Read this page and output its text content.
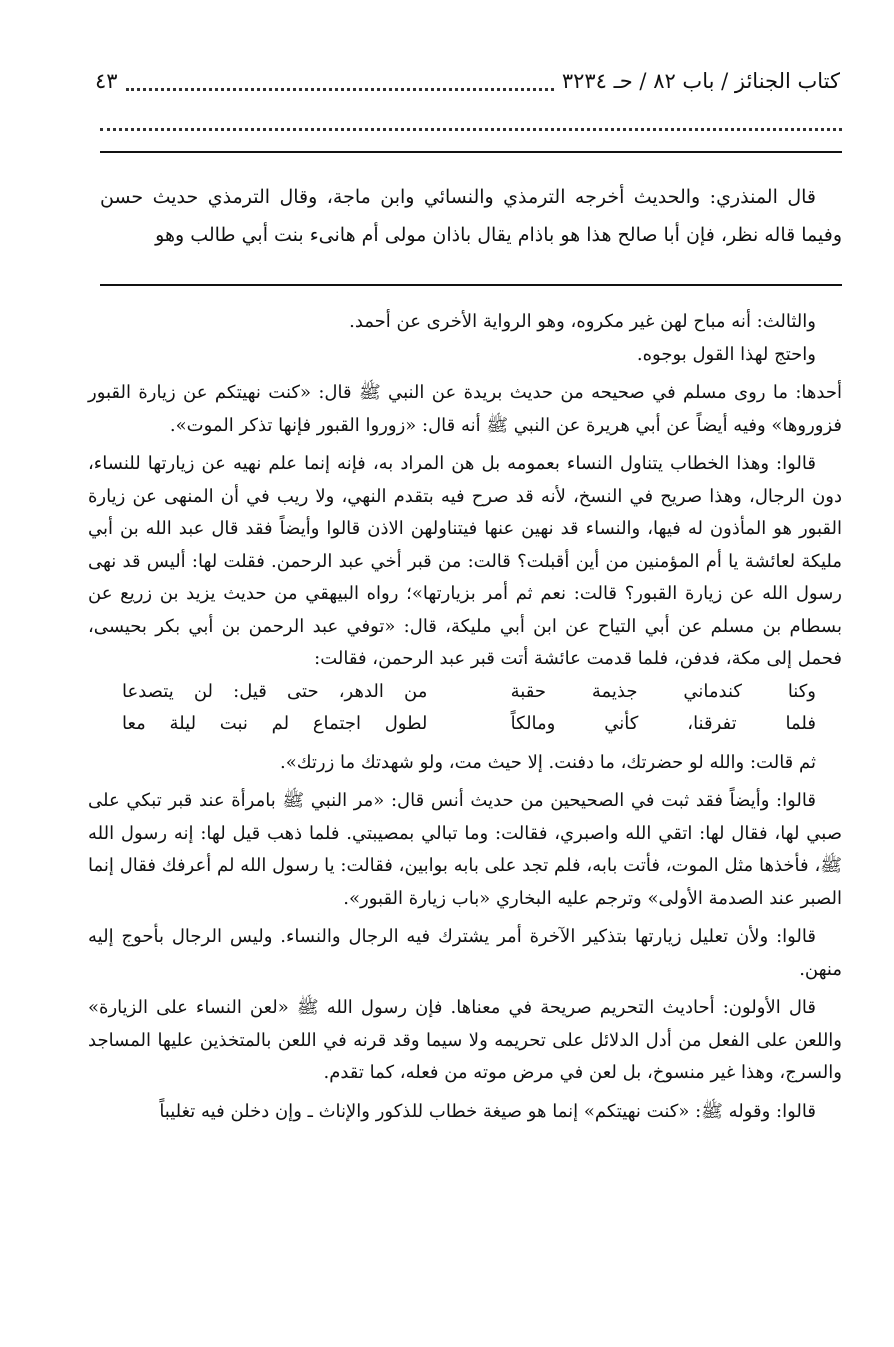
كتاب الجنائز / باب ٨٢ / حـ ٣٢٣٤
٤٣

قال المنذري: والحديث أخرجه الترمذي والنسائي وابن ماجة، وقال الترمذي حديث حسن وفيما قاله نظر، فإن أبا صالح هذا هو باذام يقال باذان مولى أم هانىء بنت أبي طالب وهو

والثالث: أنه مباح لهن غير مكروه، وهو الرواية الأخرى عن أحمد.

واحتج لهذا القول بوجوه.

أحدها: ما روى مسلم في صحيحه من حديث بريدة عن النبي ﷺ قال: «كنت نهيتكم عن زيارة القبور فزوروها» وفيه أيضاً عن أبي هريرة عن النبي ﷺ أنه قال: «زوروا القبور فإنها تذكر الموت».

قالوا: وهذا الخطاب يتناول النساء بعمومه بل هن المراد به، فإنه إنما علم نهيه عن زيارتها للنساء، دون الرجال، وهذا صريح في النسخ، لأنه قد صرح فيه بتقدم النهي، ولا ريب في أن المنهى عن زيارة القبور هو المأذون له فيها، والنساء قد نهين عنها فيتناولهن الاذن قالوا وأيضاً فقد قال عبد الله بن أبي مليكة لعائشة يا أم المؤمنين من أين أقبلت؟ قالت: من قبر أخي عبد الرحمن. فقلت لها: أليس قد نهى رسول الله عن زيارة القبور؟ قالت: نعم ثم أمر بزيارتها»؛ رواه البيهقي من حديث يزيد بن زريع عن بسطام بن مسلم عن أبي التياح عن ابن أبي مليكة، قال: «توفي عبد الرحمن بن أبي بكر بحيسى، فحمل إلى مكة، فدفن، فلما قدمت عائشة أتت قبر عبد الرحمن، فقالت:

وكنا كندماني جذيمة حقبة
من الدهر، حتى قيل: لن يتصدعا
فلما تفرقنا، كأني ومالكاً
لطول اجتماع لم نبت ليلة معا

ثم قالت: والله لو حضرتك، ما دفنت. إلا حيث مت، ولو شهدتك ما زرتك».

قالوا: وأيضاً فقد ثبت في الصحيحين من حديث أنس قال: «مر النبي ﷺ بامرأة عند قبر تبكي على صبي لها، فقال لها: اتقي الله واصبري، فقالت: وما تبالي بمصيبتي. فلما ذهب قيل لها: إنه رسول الله ﷺ، فأخذها مثل الموت، فأتت بابه، فلم تجد على بابه بوابين، فقالت: يا رسول الله لم أعرفك فقال إنما الصبر عند الصدمة الأولى» وترجم عليه البخاري «باب زيارة القبور».

قالوا: ولأن تعليل زيارتها بتذكير الآخرة أمر يشترك فيه الرجال والنساء. وليس الرجال بأحوج إليه منهن.

قال الأولون: أحاديث التحريم صريحة في معناها. فإن رسول الله ﷺ «لعن النساء على الزيارة» واللعن على الفعل من أدل الدلائل على تحريمه ولا سيما وقد قرنه في اللعن بالمتخذين عليها المساجد والسرج، وهذا غير منسوخ، بل لعن في مرض موته من فعله، كما تقدم.

قالوا: وقوله ﷺ: «كنت نهيتكم» إنما هو صيغة خطاب للذكور والإناث ـ وإن دخلن فيه تغليباً
